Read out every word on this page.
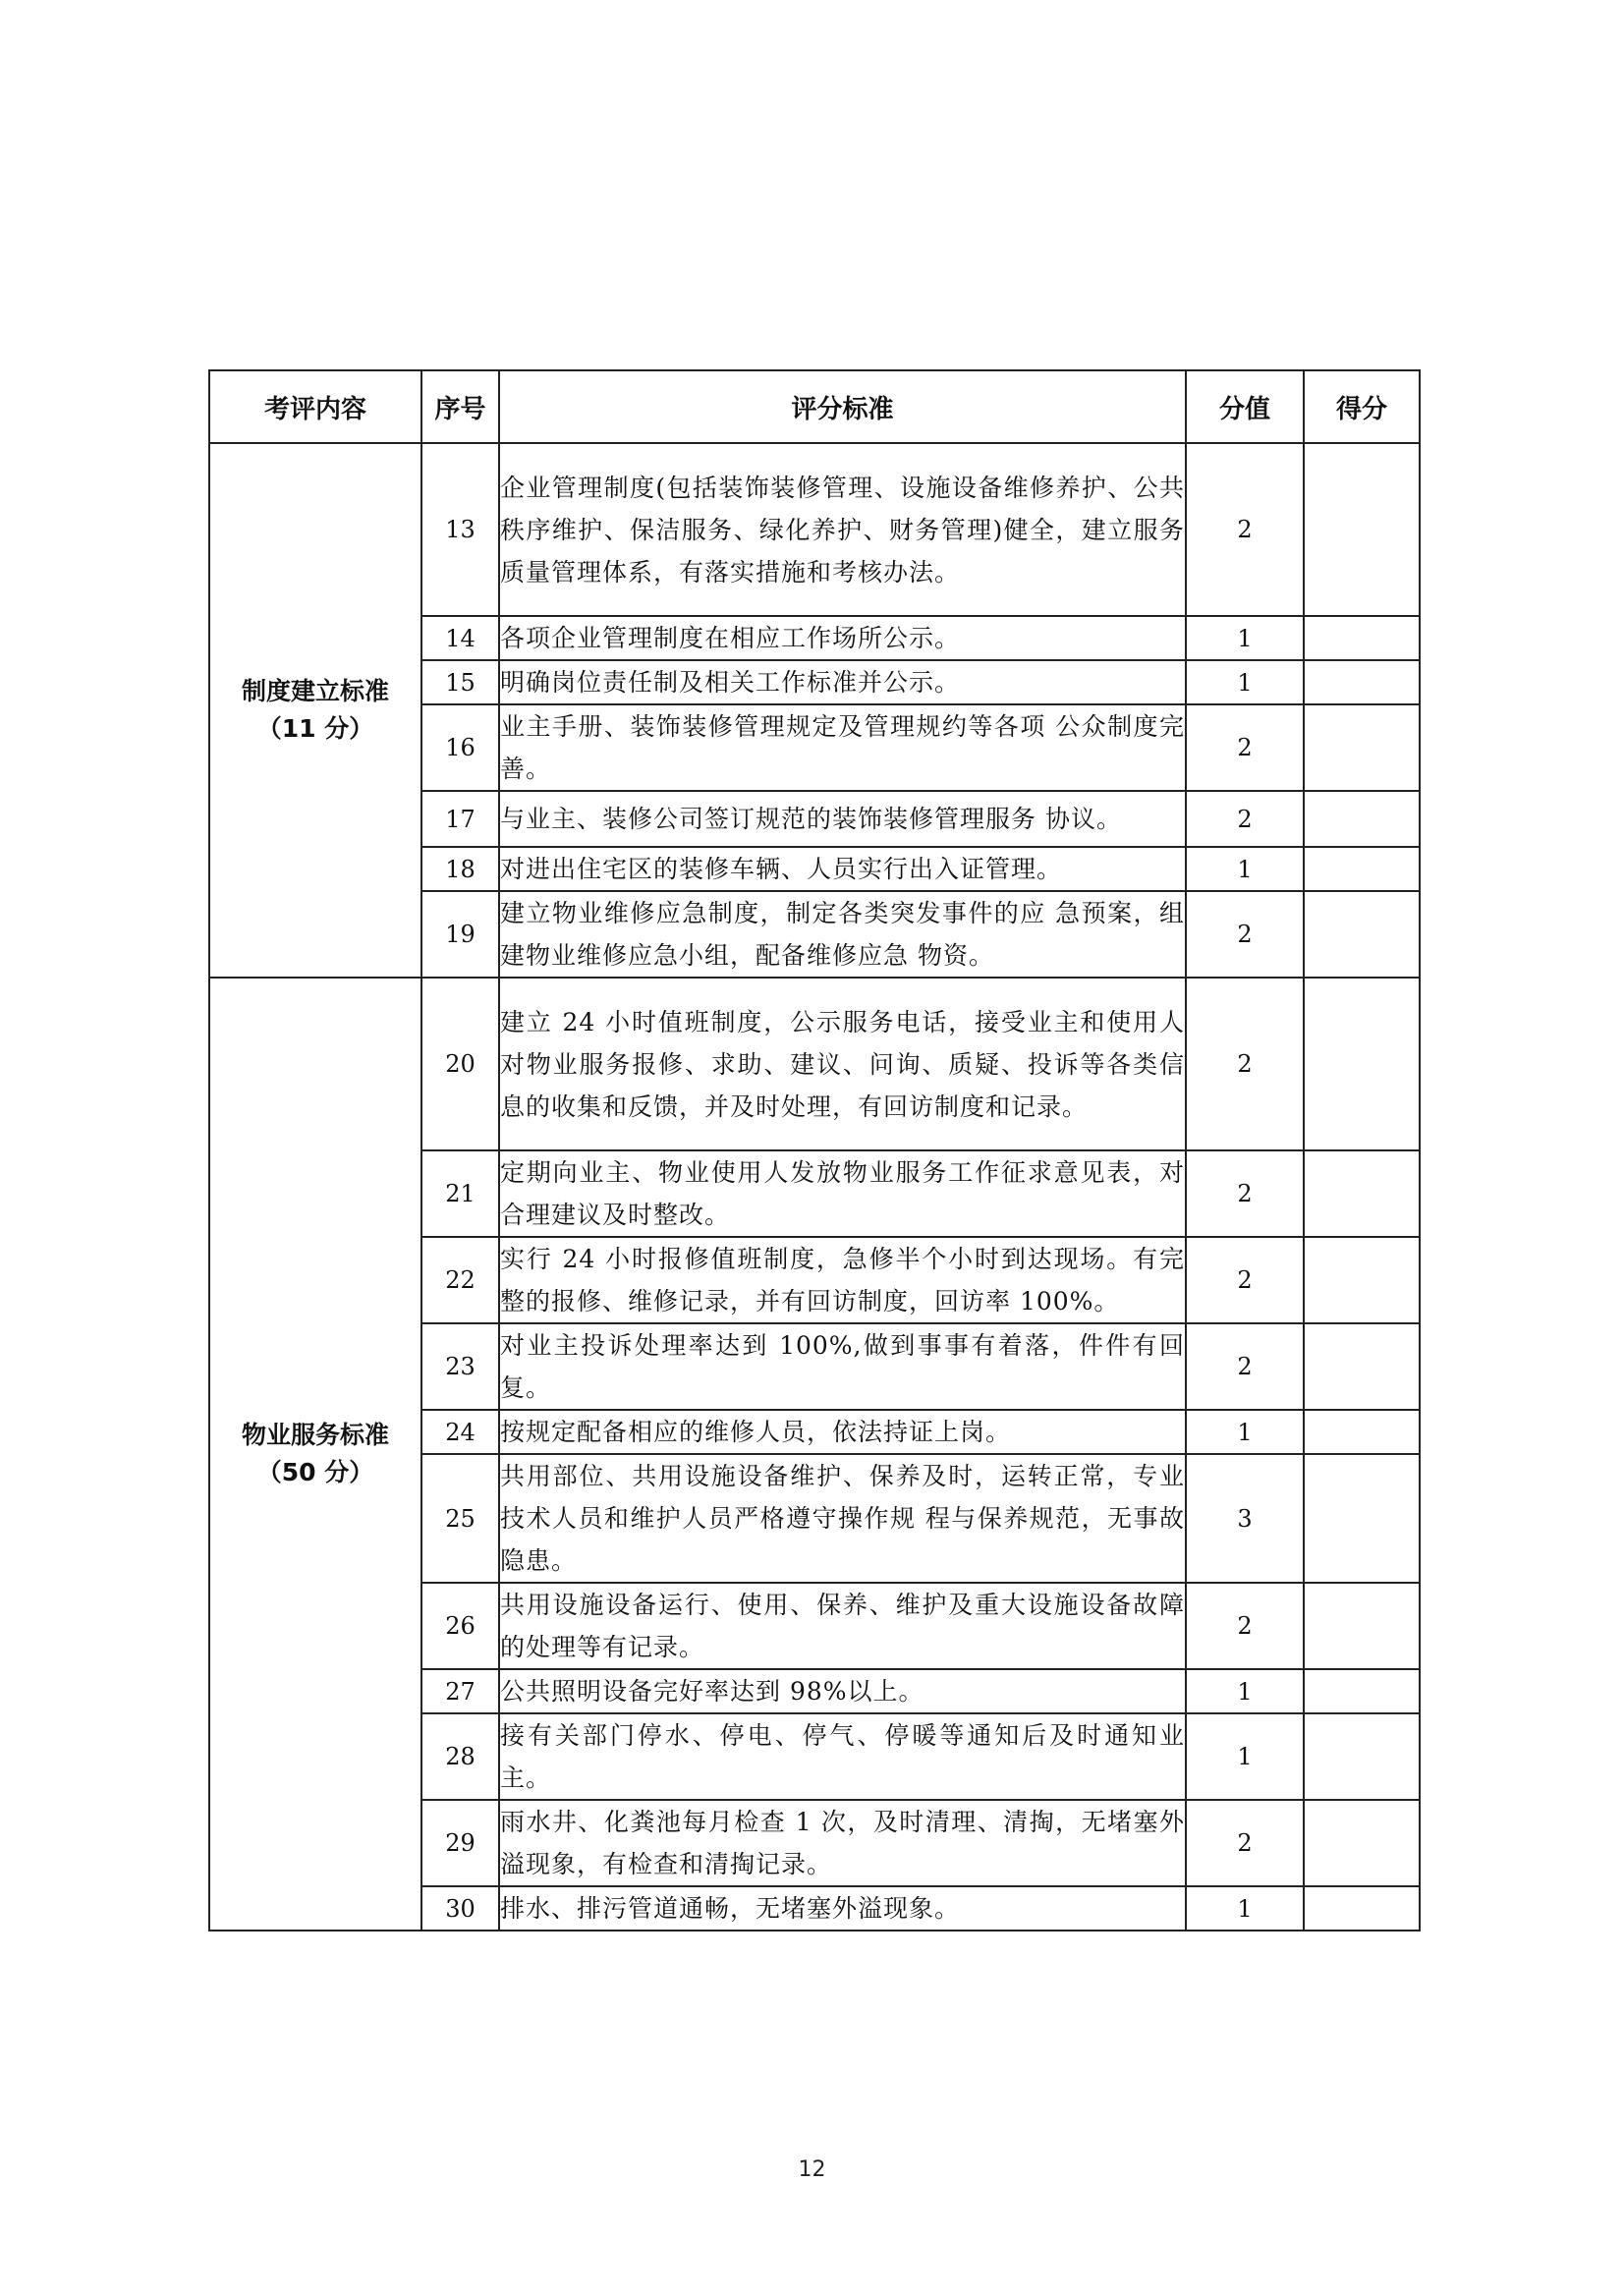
考评内容	序号	评分标准	分值	得分

制度建立标准
（11 分）	13	企业管理制度(包括装饰装修管理、设施设备维修养护、公共秩序维护、保洁服务、绿化养护、财务管理)健全，建立服务质量管理体系，有落实措施和考核办法。	2	
	14	各项企业管理制度在相应工作场所公示。	1	
	15	明确岗位责任制及相关工作标准并公示。	1	
	16	业主手册、装饰装修管理规定及管理规约等各项 公众制度完善。	2	
	17	与业主、装修公司签订规范的装饰装修管理服务 协议。	2	
	18	对进出住宅区的装修车辆、人员实行出入证管理。	1	
	19	建立物业维修应急制度，制定各类突发事件的应 急预案，组建物业维修应急小组，配备维修应急 物资。	2	

物业服务标准
（50 分）	20	建立 24 小时值班制度，公示服务电话，接受业主和使用人对物业服务报修、求助、建议、问询、质疑、投诉等各类信息的收集和反馈，并及时处理，有回访制度和记录。	2	
	21	定期向业主、物业使用人发放物业服务工作征求意见表，对合理建议及时整改。	2	
	22	实行 24 小时报修值班制度，急修半个小时到达现场。有完整的报修、维修记录，并有回访制度，回访率 100%。	2	
	23	对业主投诉处理率达到 100%,做到事事有着落，件件有回复。	2	
	24	按规定配备相应的维修人员，依法持证上岗。	1	
	25	共用部位、共用设施设备维护、保养及时，运转正常，专业技术人员和维护人员严格遵守操作规 程与保养规范，无事故隐患。	3	
	26	共用设施设备运行、使用、保养、维护及重大设施设备故障的处理等有记录。	2	
	27	公共照明设备完好率达到 98%以上。	1	
	28	接有关部门停水、停电、停气、停暖等通知后及时通知业主。	1	
	29	雨水井、化粪池每月检查 1 次，及时清理、清掏，无堵塞外溢现象，有检查和清掏记录。	2	
	30	排水、排污管道通畅，无堵塞外溢现象。	1	
12
